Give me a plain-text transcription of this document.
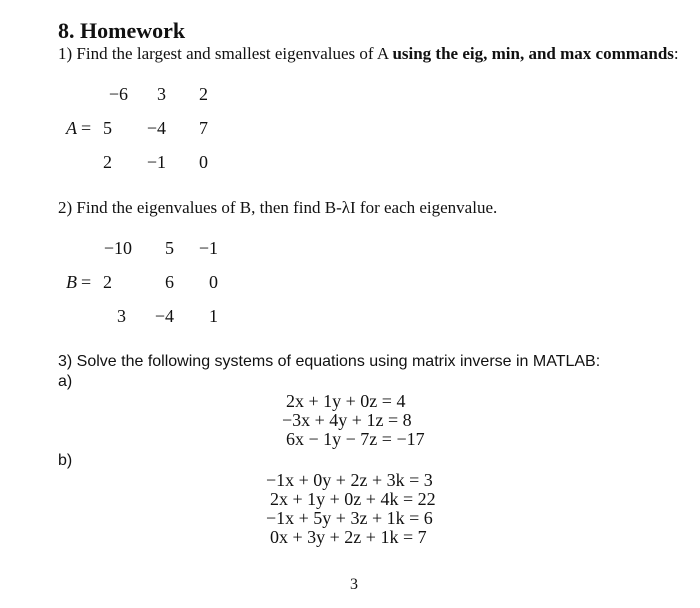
8. Homework
1) Find the largest and smallest eigenvalues of A using the eig, min, and max commands:
A =
−6	3	2
5	−4	7
2	−1	0
2) Find the eigenvalues of B, then find B-λI for each eigenvalue.
B =
−10	5	−1
2	6	0
3	−4	1
3) Solve the following systems of equations using matrix inverse in MATLAB:
a)
2x + 1y + 0z = 4
−3x + 4y + 1z = 8
6x − 1y − 7z = −17
b)
−1x + 0y + 2z + 3k = 3
2x + 1y + 0z + 4k = 22
−1x + 5y + 3z + 1k = 6
0x + 3y + 2z + 1k = 7
3
